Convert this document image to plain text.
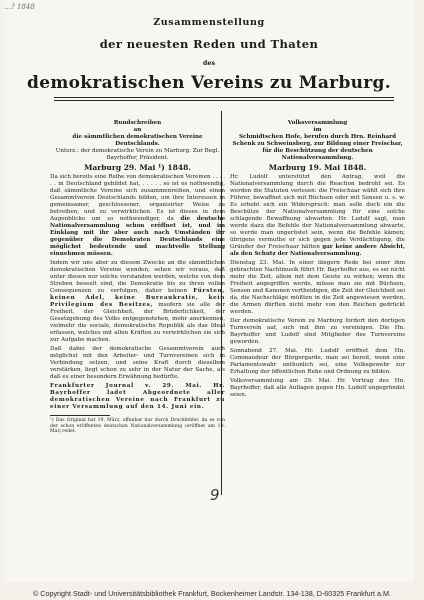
…? 1848
Zusammenstellung
der neuesten Reden und Thaten
des
demokratischen Vereins zu Marburg.
Rundschreiben
an
die sämmtlichen demokratischen Vereine Deutschlands.
Unterz.: der demokratische Verein zu Marburg. Zur Begl. Bayrhoffer, Präsident.
Marburg 29. Mai ¹) 1848.

Da sich bereits eine Reihe von demokratischen Vereinen . . . . . . in Deutschland gebildet hat, . . . . . so ist es nothwendig, daß sämmtliche Vereine sich zusammenreihen, und einen Gesammtverein Deutschlands bilden, um ihre Interessen in gemeinsamer, geschlossener, organisirter Weise zu betreiben, und zu verwirklichen. Es ist dieses in dem Augenblicke um so nothwendiger, da die deutsche Nationalversammlung schon eröffnet ist, und im Einklang mit ihr aber auch nach Umständen ihr gegenüber die Demokraten Deutschlands eine möglichst bedeutende und machtvolle Stellung einnehmen müssen.

Indem wir uns aber zu diesem Zwecke an die sämmtlichen demokratischen Vereine wenden, sehen wir voraus, daß unter diesen nur solche verstanden werden, welche von dem Streben beseelt sind, die Demokratie bis zu ihren vollen Consequenzen zu verfolgen, daher keinen Fürsten, keinen Adel, keine Bureaukratie, kein Privilegium des Besitzes, insofern sie alle der Freiheit, der Gleichheit, der Brüderlichkeit, der Gesetzgebung des Volks entgegenstehen, mehr anerkennen, vielmehr die sociale, demokratische Republik als das Ideal erfassen, welches mit allen Kräften zu verwirklichen sie sich zur Aufgabe machen.

Daß dabei der demokratische Gesammtverein auch möglichst mit den Arbeiter- und Turnvereinen sich in Verbindung setzen, und seine Kraft durch dieselben verstärken, liegt schon zu sehr in der Natur der Sache, als daß es einer besondern Erwähnung bedürfte.

Frankfurter Journal v. 29. Mai. Hr. Bayrhoffer ladet Abgeordnete aller demokratischen Vereine nach Frankfurt zu einer Versammlung auf den 14. Juni ein.

¹) Das Original hat 19. März, offenbar nur durch Druckfehler, da es von der schon eröffneten deutschen Nationalversammlung (eröffnet am 18. Mai) redet.
Volksversammlung
im
Schmidtschen Hofe, berufen durch Hrn. Reinhard Schenk zu Schweinsberg, zur Bildung einer Freischar, für die Beschützung der deutschen Nationalversammlung.
Marburg 19. Mai 1848.

Hr. Ludolf unterstützt den Antrag, weil die Nationalversammlung durch die Reaction bedroht sei. Es werden die Statuten verlesen: die Freischaar wählt sich ihre Führer, bewaffnet sich mit Büchsen oder mit Sensen u. s. w. Es erhebt sich ein Widerspruch: man solle doch ein die Beschütze der Nationalversammlung für eine solche schlagende Bewaffnung abwarten. Hr. Ludolf sagt, man werde dazu die Befehle der Nationalversammlung abwarte, so werde man ungerüstet sein, wenn die Befehle kämen; übrigens vermuthe er sich gegen jede Verdächtigung, die Gründer der Freischaar hätten gar keine andere Absicht, als den Schutz der Nationalversammlung.

Dienstag 23. Mai. In einer längern Rede bei einer ihm gebrachten Nachtmusik führt Hr. Bayrhoffer aus, es sei nicht mehr die Zeit, allein mit dem Geiste zu wirken; wenn die Freiheit angegriffen werde, müsse man sie mit Büchsen, Sensen und Kanonen vertheidigen, die Zeit der Gleichheit sei da, die Nachschläge müßten in die Zeit angewiesen werden, die Armen dürften nicht mehr von den Reichen gedrückt werden.

Der demokratische Verein zu Marburg fordert den dortigen Turnverein auf, sich mit ihm zu vereinigen. Die Hn. Bayrhoffer und Ludolf sind Mitglieder des Turnvereins geworden.

Sonnabend 27. Mai. Hr. Ludolf eröffnet dem Hn. Commandeur der Bürgergarde, man sei bereit, wenn eine Parlamentswahr unthunlich sei, eine Volksgewehr zur Erhaltung der öffentlichen Ruhe und Ordnung zu bilden.

Volksversammlung am 29. Mai. Hr. Vortrag des Hn. Bayrhoffer, daß alle Auflagen gegen Hn. Ludolf ungegründet seien.

9
© Copyright Stadt- und Universitätsbibliothek Frankfurt, Bockenheimer Landstr. 134-138, D-60325 Frankfurt a.M.
